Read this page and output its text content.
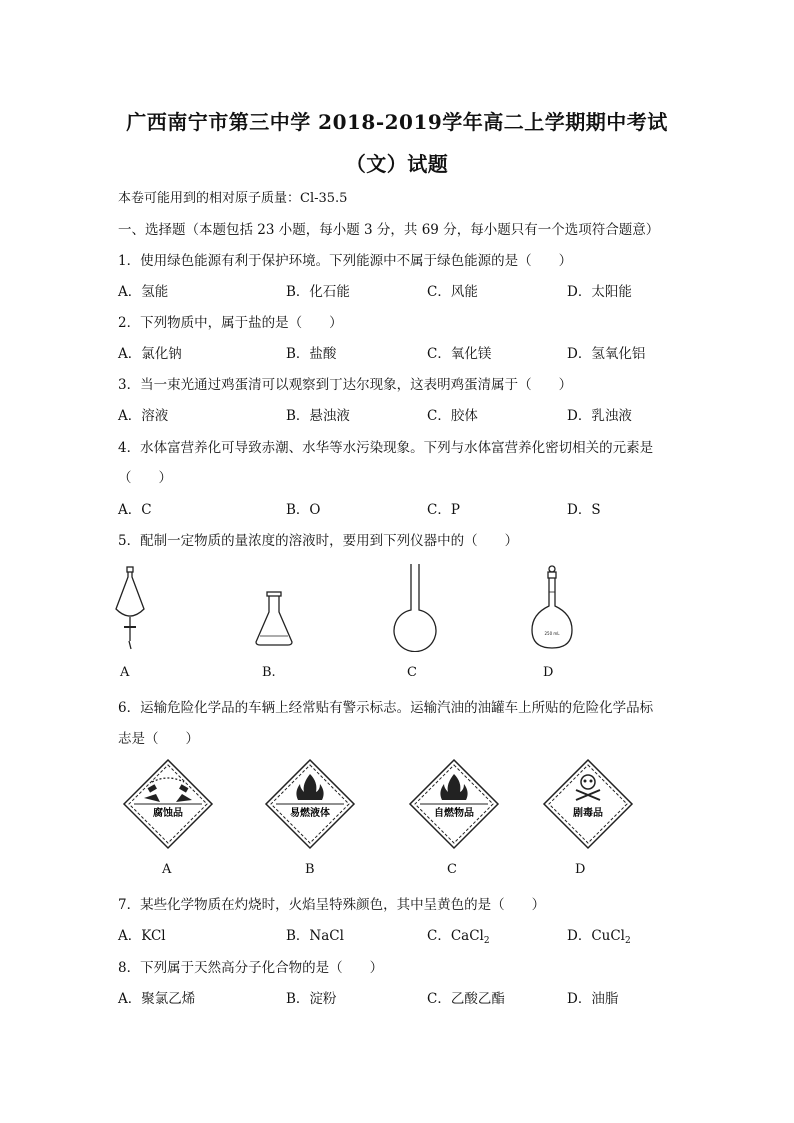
广西南宁市第三中学 2018-2019学年高二上学期期中考试
（文）试题
本卷可能用到的相对原子质量：Cl-35.5
一、选择题（本题包括 23 小题，每小题 3 分，共 69 分，每小题只有一个选项符合题意）
1．使用绿色能源有利于保护环境。下列能源中不属于绿色能源的是（　　）
A．氢能	B．化石能	C．风能	D．太阳能
2．下列物质中，属于盐的是（　　）
A．氯化钠	B．盐酸	C．氧化镁	D．氢氧化铝
3．当一束光通过鸡蛋清可以观察到丁达尔现象，这表明鸡蛋清属于（　　）
A．溶液	B．悬浊液	C．胶体	D．乳浊液
4．水体富营养化可导致赤潮、水华等水污染现象。下列与水体富营养化密切相关的元素是
（　　）
A．C	B．O	C．P	D．S
5．配制一定物质的量浓度的溶液时，要用到下列仪器中的（　　）
250 mL
A	B.	C	D
6．运输危险化学品的车辆上经常贴有警示标志。运输汽油的油罐车上所贴的危险化学品标
志是（　　）
腐蚀品	易燃液体	自燃物品	剧毒品
A	B	C	D
7．某些化学物质在灼烧时，火焰呈特殊颜色，其中呈黄色的是（　　）
A．KCl	B．NaCl	C．CaCl$_2$	D．CuCl$_2$
8．下列属于天然高分子化合物的是（　　）
A．聚氯乙烯	B．淀粉	C．乙酸乙酯	D．油脂
